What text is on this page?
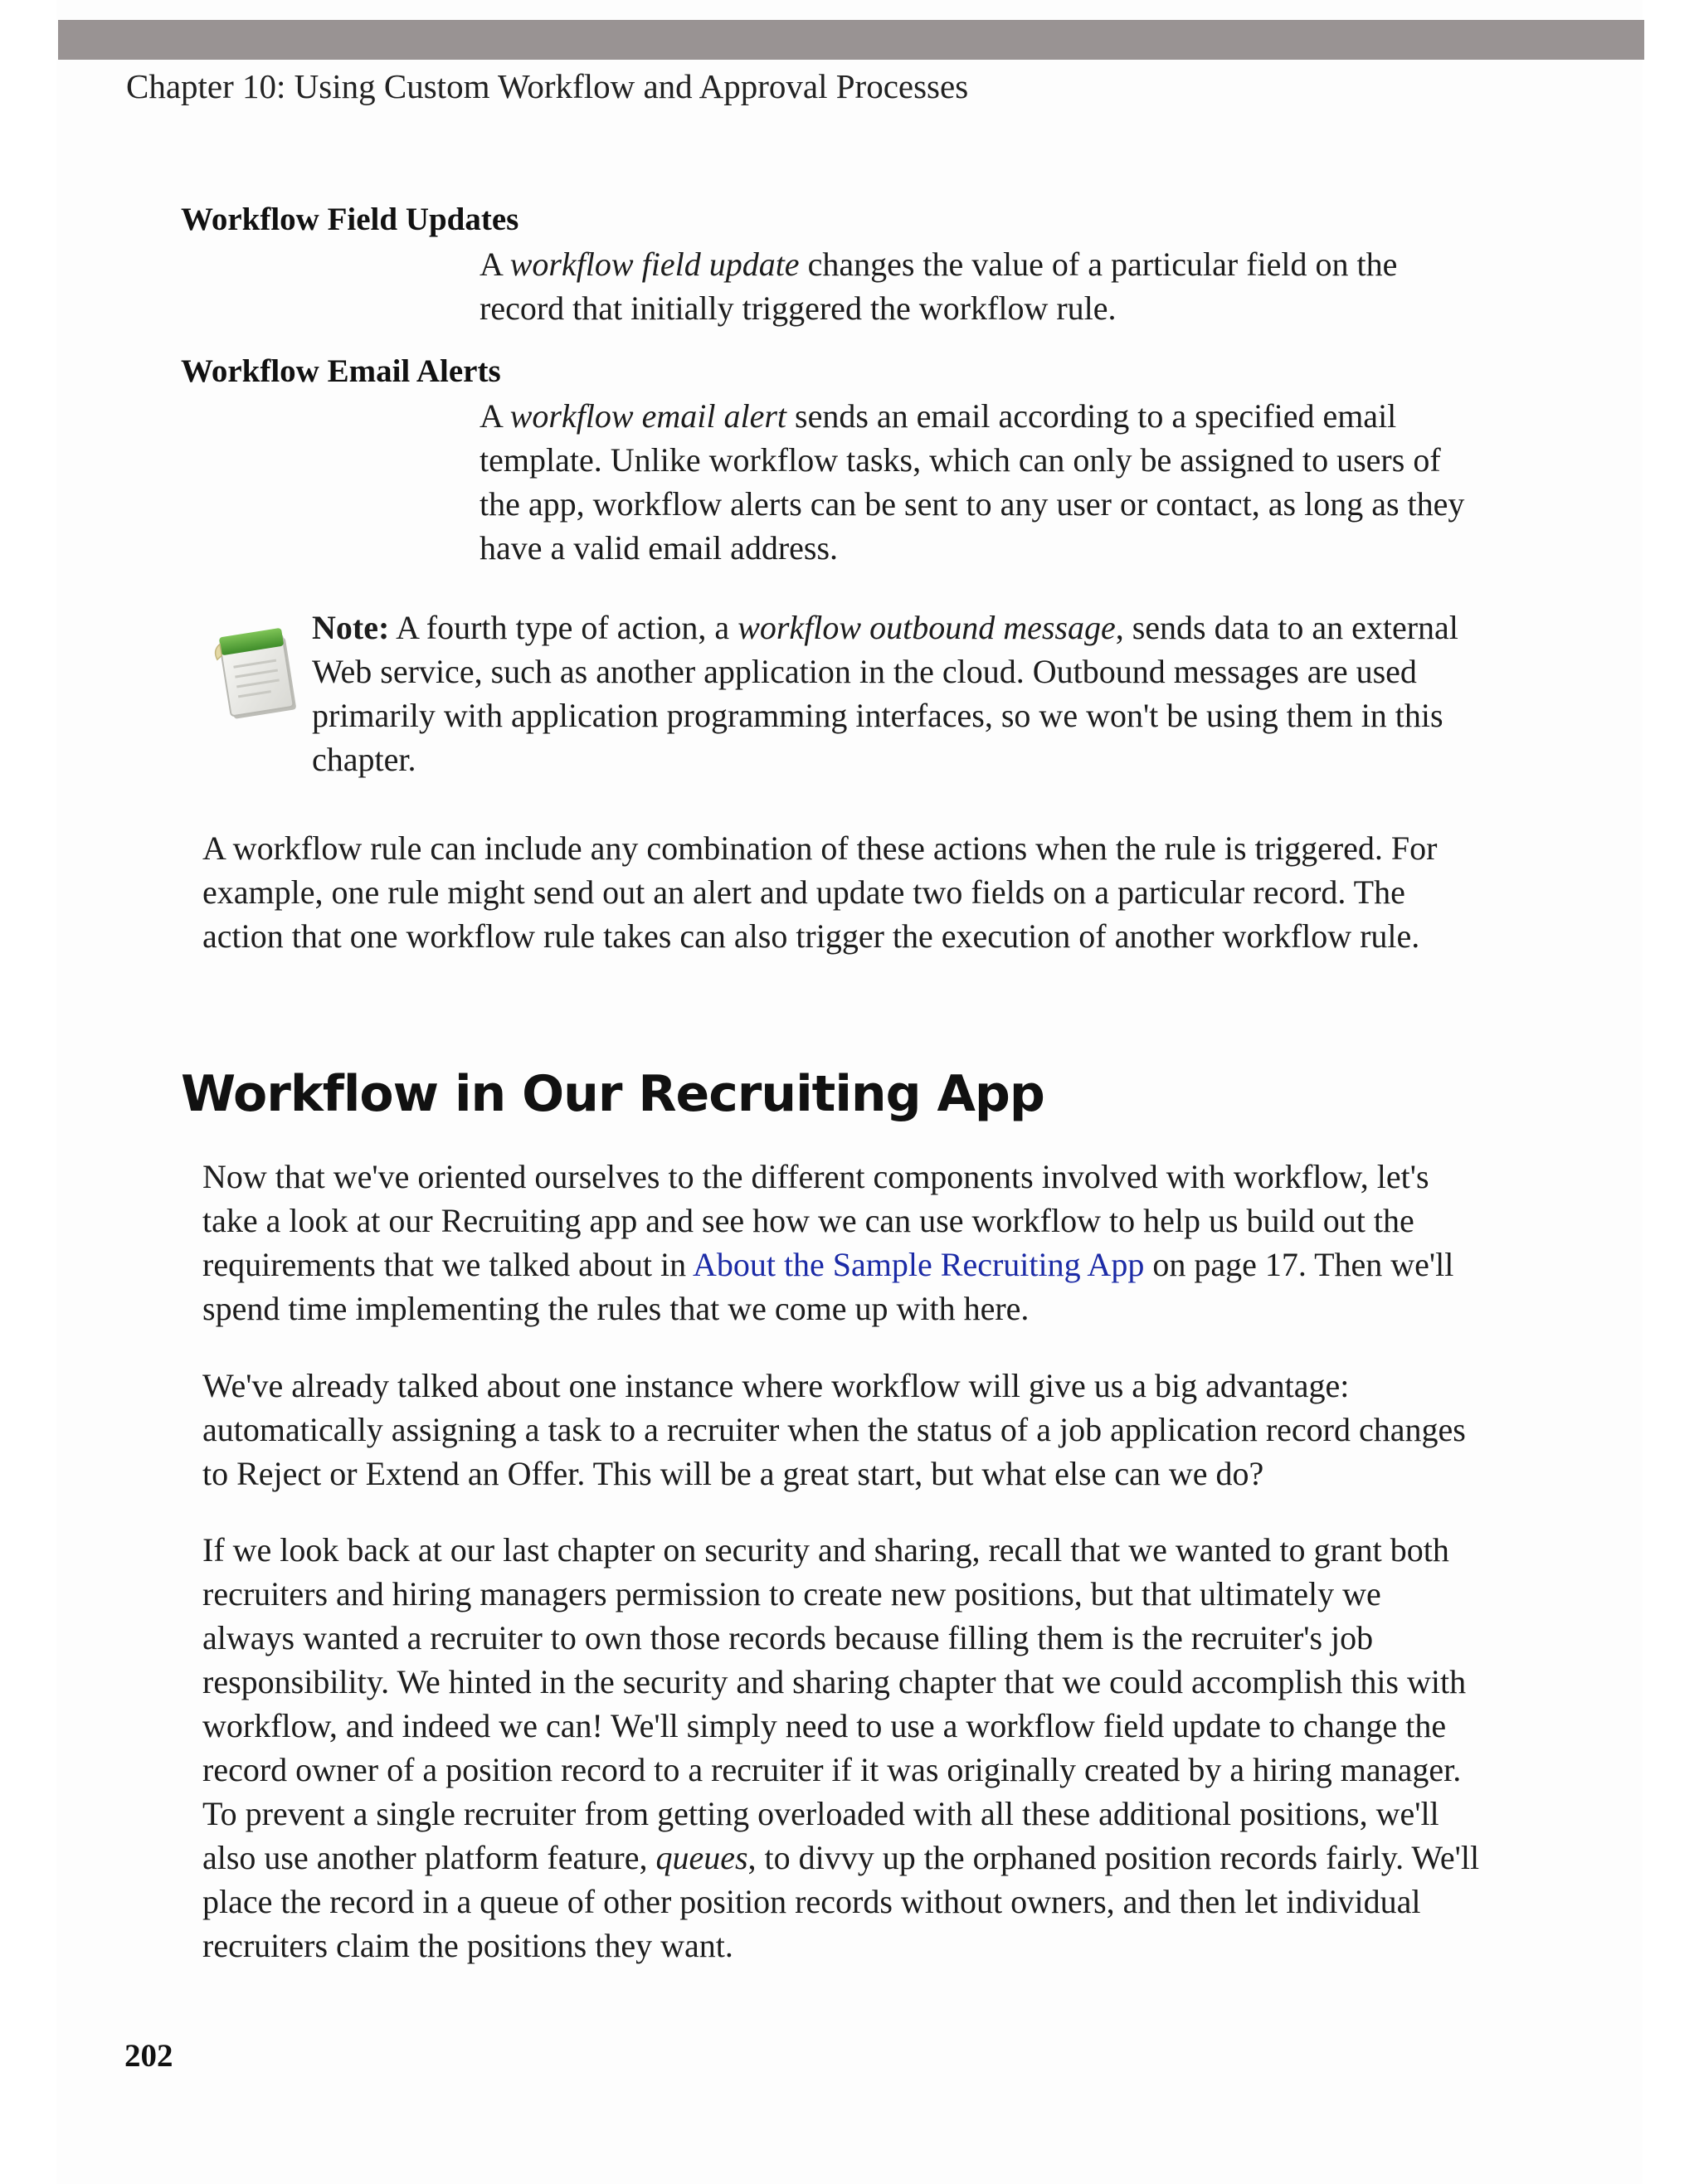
Chapter 10: Using Custom Workflow and Approval Processes
Workflow Field Updates
A workflow field update changes the value of a particular field on the record that initially triggered the workflow rule.
Workflow Email Alerts
A workflow email alert sends an email according to a specified email template. Unlike workflow tasks, which can only be assigned to users of the app, workflow alerts can be sent to any user or contact, as long as they have a valid email address.
Note: A fourth type of action, a workflow outbound message, sends data to an external Web service, such as another application in the cloud. Outbound messages are used primarily with application programming interfaces, so we won't be using them in this chapter.
A workflow rule can include any combination of these actions when the rule is triggered. For example, one rule might send out an alert and update two fields on a particular record. The action that one workflow rule takes can also trigger the execution of another workflow rule.
Workflow in Our Recruiting App
Now that we've oriented ourselves to the different components involved with workflow, let's take a look at our Recruiting app and see how we can use workflow to help us build out the requirements that we talked about in About the Sample Recruiting App on page 17. Then we'll spend time implementing the rules that we come up with here.
We've already talked about one instance where workflow will give us a big advantage: automatically assigning a task to a recruiter when the status of a job application record changes to Reject or Extend an Offer. This will be a great start, but what else can we do?
If we look back at our last chapter on security and sharing, recall that we wanted to grant both recruiters and hiring managers permission to create new positions, but that ultimately we always wanted a recruiter to own those records because filling them is the recruiter's job responsibility. We hinted in the security and sharing chapter that we could accomplish this with workflow, and indeed we can! We'll simply need to use a workflow field update to change the record owner of a position record to a recruiter if it was originally created by a hiring manager. To prevent a single recruiter from getting overloaded with all these additional positions, we'll also use another platform feature, queues, to divvy up the orphaned position records fairly. We'll place the record in a queue of other position records without owners, and then let individual recruiters claim the positions they want.
202
